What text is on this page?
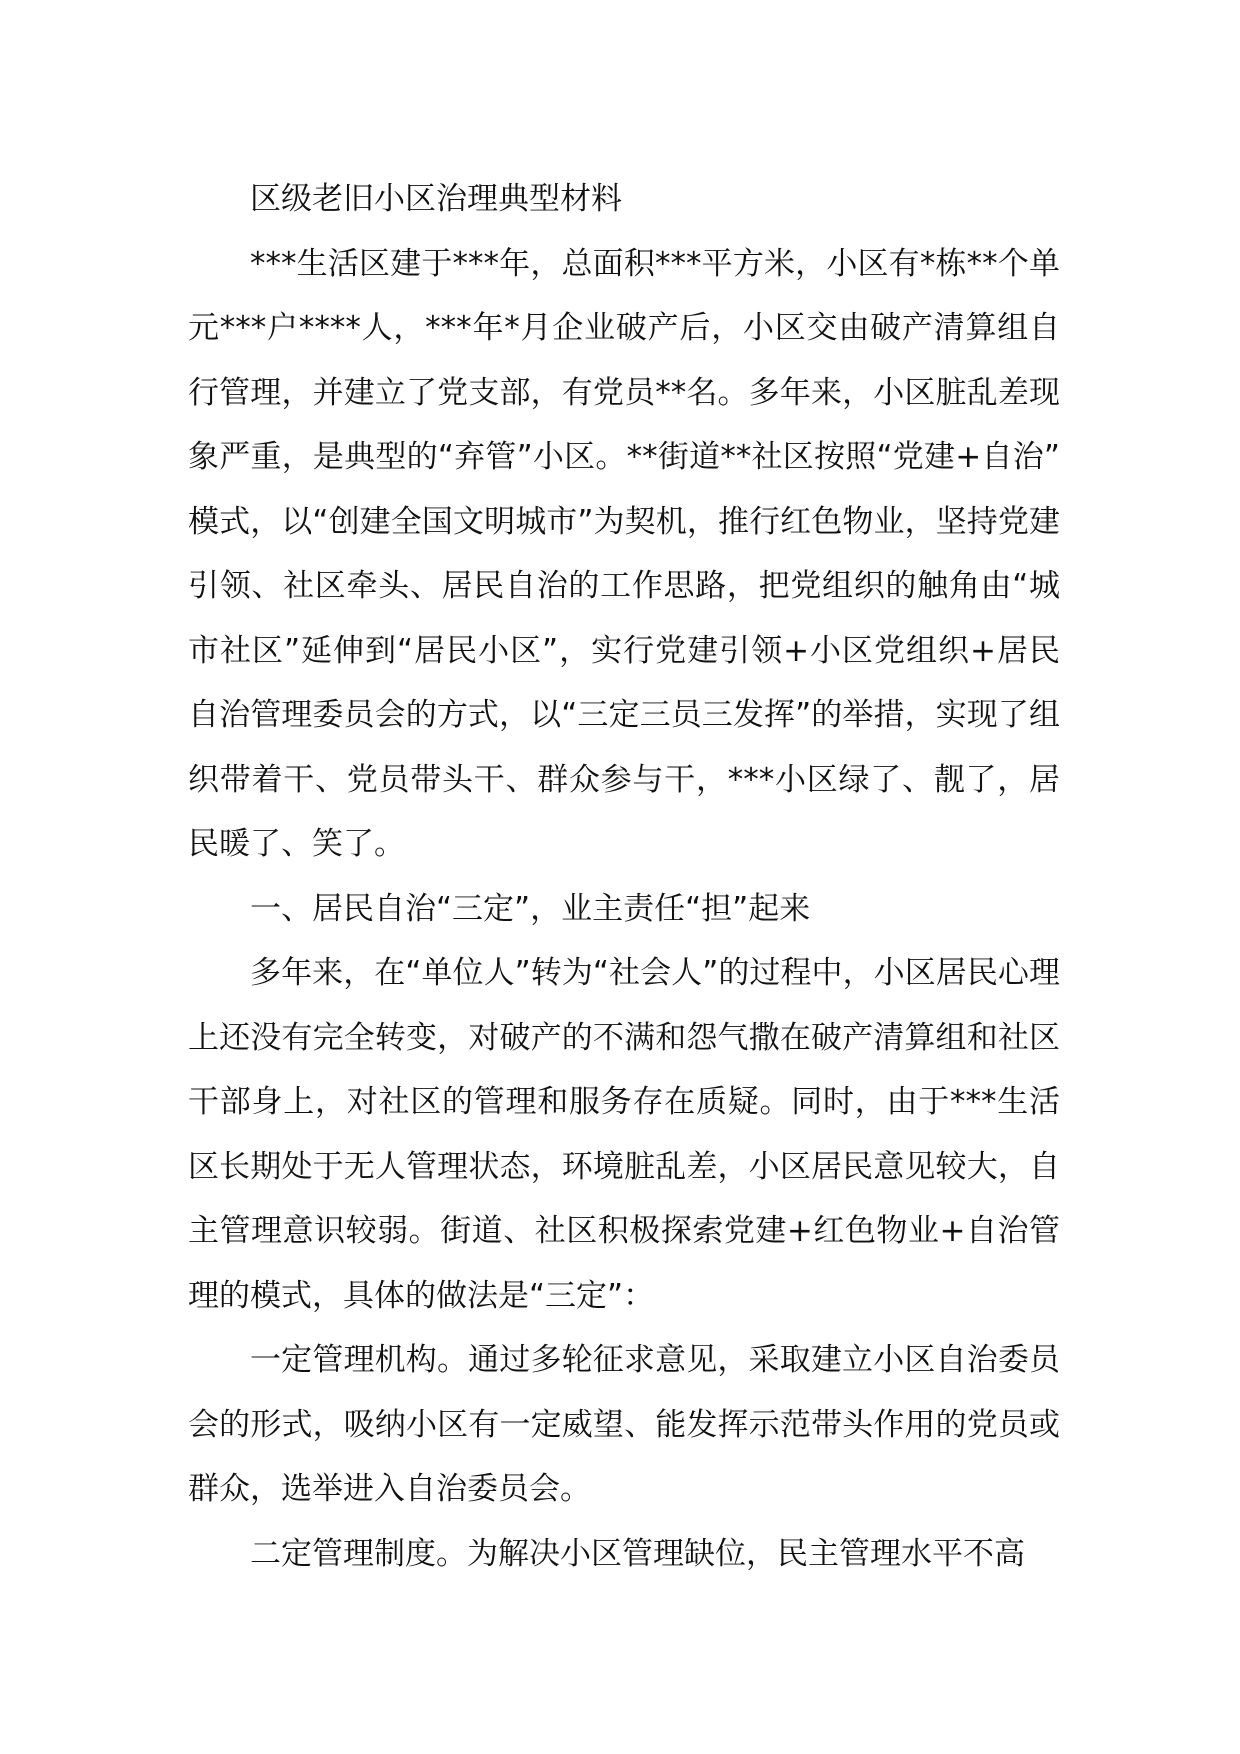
区级老旧小区治理典型材料

***生活区建于***年，总面积***平方米，小区有*栋**个单元***户****人，***年*月企业破产后，小区交由破产清算组自行管理，并建立了党支部，有党员**名。多年来，小区脏乱差现象严重，是典型的“弃管”小区。**街道**社区按照“党建+自治”模式，以“创建全国文明城市”为契机，推行红色物业，坚持党建引领、社区牵头、居民自治的工作思路，把党组织的触角由“城市社区”延伸到“居民小区”，实行党建引领+小区党组织+居民自治管理委员会的方式，以“三定三员三发挥”的举措，实现了组织带着干、党员带头干、群众参与干，***小区绿了、靓了，居民暖了、笑了。

一、居民自治“三定”，业主责任“担”起来

多年来，在“单位人”转为“社会人”的过程中，小区居民心理上还没有完全转变，对破产的不满和怨气撒在破产清算组和社区干部身上，对社区的管理和服务存在质疑。同时，由于***生活区长期处于无人管理状态，环境脏乱差，小区居民意见较大，自主管理意识较弱。街道、社区积极探索党建+红色物业+自治管理的模式，具体的做法是“三定”：

一定管理机构。通过多轮征求意见，采取建立小区自治委员会的形式，吸纳小区有一定威望、能发挥示范带头作用的党员或群众，选举进入自治委员会。

二定管理制度。为解决小区管理缺位，民主管理水平不高
